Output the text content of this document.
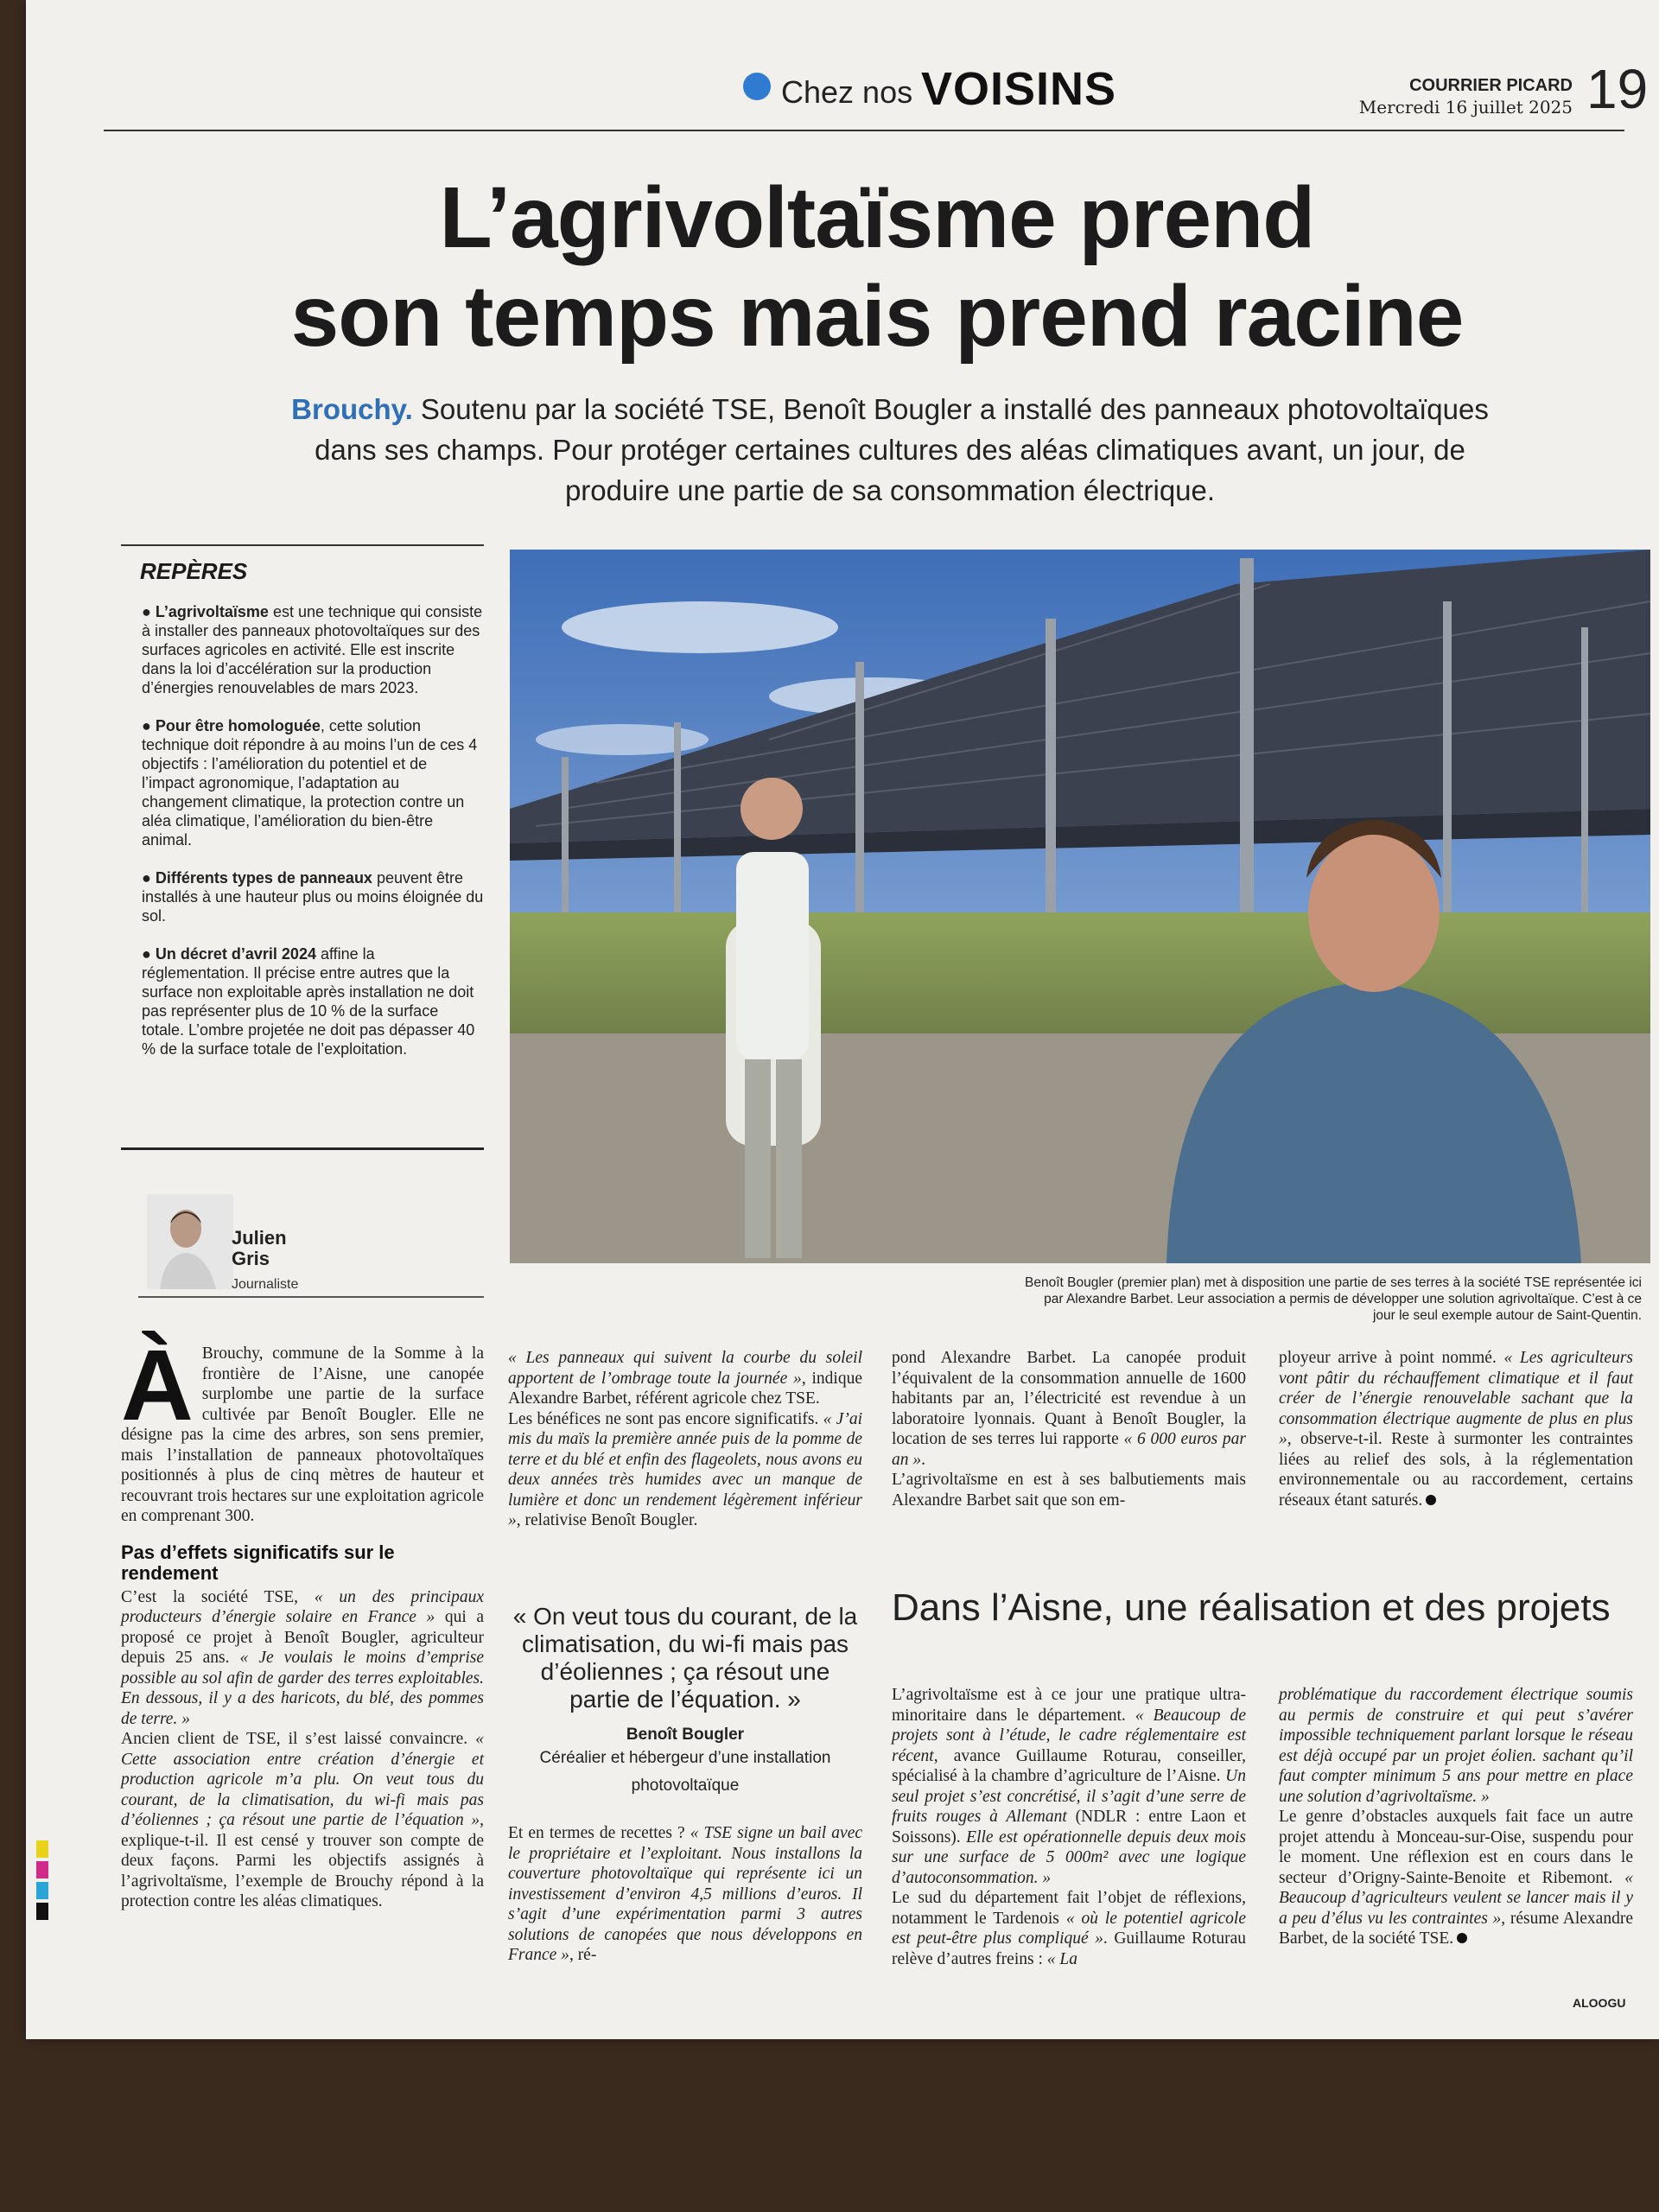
Chez nos VOISINS	COURRIER PICARD
Mercredi 16 juillet 2025 19
L’agrivoltaïsme prend
son temps mais prend racine
Brouchy. Soutenu par la société TSE, Benoît Bougler a installé des panneaux photovoltaïques dans ses champs. Pour protéger certaines cultures des aléas climatiques avant, un jour, de produire une partie de sa consommation électrique.
REPÈRES
● L’agrivoltaïsme est une technique qui consiste à installer des panneaux photovoltaïques sur des surfaces agricoles en activité. Elle est inscrite dans la loi d’accélération sur la production d’énergies renouvelables de mars 2023.
● Pour être homologuée, cette solution technique doit répondre à au moins l’un de ces 4 objectifs : l’amélioration du potentiel et de l’impact agronomique, l’adaptation au changement climatique, la protection contre un aléa climatique, l’amélioration du bien-être animal.
● Différents types de panneaux peuvent être installés à une hauteur plus ou moins éloignée du sol.
● Un décret d’avril 2024 affine la réglementation. Il précise entre autres que la surface non exploitable après installation ne doit pas représenter plus de 10 % de la surface totale. L’ombre projetée ne doit pas dépasser 40 % de la surface totale de l’exploitation.
Julien
Gris
Journaliste	Benoît Bougler (premier plan) met à disposition une partie de ses terres à la société TSE représentée ici par Alexandre Barbet. Leur association a permis de développer une solution agrivoltaïque. C’est à ce jour le seul exemple autour de Saint-Quentin.

À Brouchy, commune de la Somme à la frontière de l’Aisne, une canopée surplombe une partie de la surface cultivée par Benoît Bougler. Elle ne désigne pas la cime des arbres, son sens premier, mais l’installation de panneaux photovoltaïques positionnés à plus de cinq mètres de hauteur et recouvrant trois hectares sur une exploitation agricole en comprenant 300.

Pas d’effets significatifs sur le rendement

C’est la société TSE, « un des principaux producteurs d’énergie solaire en France » qui a proposé ce projet à Benoît Bougler, agriculteur depuis 25 ans. « Je voulais le moins d’emprise possible au sol afin de garder des terres exploitables. En dessous, il y a des haricots, du blé, des pommes de terre. »

Ancien client de TSE, il s’est laissé convaincre. « Cette association entre création d’énergie et production agricole m’a plu. On veut tous du courant, de la climatisation, du wi-fi mais pas d’éoliennes ; ça résout une partie de l’équation », explique-t-il. Il est censé y trouver son compte de deux façons. Parmi les objectifs assignés à l’agrivoltaïsme, l’exemple de Brouchy répond à la protection contre les aléas climatiques.

« Les panneaux qui suivent la courbe du soleil apportent de l’ombrage toute la journée », indique Alexandre Barbet, référent agricole chez TSE.

Les bénéfices ne sont pas encore significatifs. « J’ai mis du maïs la première année puis de la pomme de terre et du blé et enfin des flageolets, nous avons eu deux années très humides avec un manque de lumière et donc un rendement légèrement inférieur », relativise Benoît Bougler.

« On veut tous du courant, de la climatisation, du wi-fi mais pas d’éoliennes ; ça résout une partie de l’équation. »
Benoît Bougler
Céréalier et hébergeur d’une installation photovoltaïque

Et en termes de recettes ? « TSE signe un bail avec le propriétaire et l’exploitant. Nous installons la couverture photovoltaïque qui représente ici un investissement d’environ 4,5 millions d’euros. Il s’agit d’une expérimentation parmi 3 autres solutions de canopées que nous développons en France », ré-

pond Alexandre Barbet. La canopée produit l’équivalent de la consommation annuelle de 1600 habitants par an, l’électricité est revendue à un laboratoire lyonnais. Quant à Benoît Bougler, la location de ses terres lui rapporte « 6 000 euros par an ».

L’agrivoltaïsme en est à ses balbutiements mais Alexandre Barbet sait que son em-

ployeur arrive à point nommé. « Les agriculteurs vont pâtir du réchauffement climatique et il faut créer de l’énergie renouvelable sachant que la consommation électrique augmente de plus en plus », observe-t-il. Reste à surmonter les contraintes liées au relief des sols, à la réglementation environnementale ou au raccordement, certains réseaux étant saturés.

Dans l’Aisne, une réalisation et des projets

L’agrivoltaïsme est à ce jour une pratique ultra-minoritaire dans le département. « Beaucoup de projets sont à l’étude, le cadre réglementaire est récent, avance Guillaume Roturau, conseiller, spécialisé à la chambre d’agriculture de l’Aisne. Un seul projet s’est concrétisé, il s’agit d’une serre de fruits rouges à Allemant (NDLR : entre Laon et Soissons). Elle est opérationnelle depuis deux mois sur une surface de 5 000m² avec une logique d’autoconsommation. »

Le sud du département fait l’objet de réflexions, notamment le Tardenois « où le potentiel agricole est peut-être plus compliqué ». Guillaume Roturau relève d’autres freins : « La

problématique du raccordement électrique soumis au permis de construire et qui peut s’avérer impossible techniquement parlant lorsque le réseau est déjà occupé par un projet éolien. sachant qu’il faut compter minimum 5 ans pour mettre en place une solution d’agrivoltaïsme. »

Le genre d’obstacles auxquels fait face un autre projet attendu à Monceau-sur-Oise, suspendu pour le moment. Une réflexion est en cours dans le secteur d’Origny-Sainte-Benoite et Ribemont. « Beaucoup d’agriculteurs veulent se lancer mais il y a peu d’élus vu les contraintes », résume Alexandre Barbet, de la société TSE.

ALOOGU
